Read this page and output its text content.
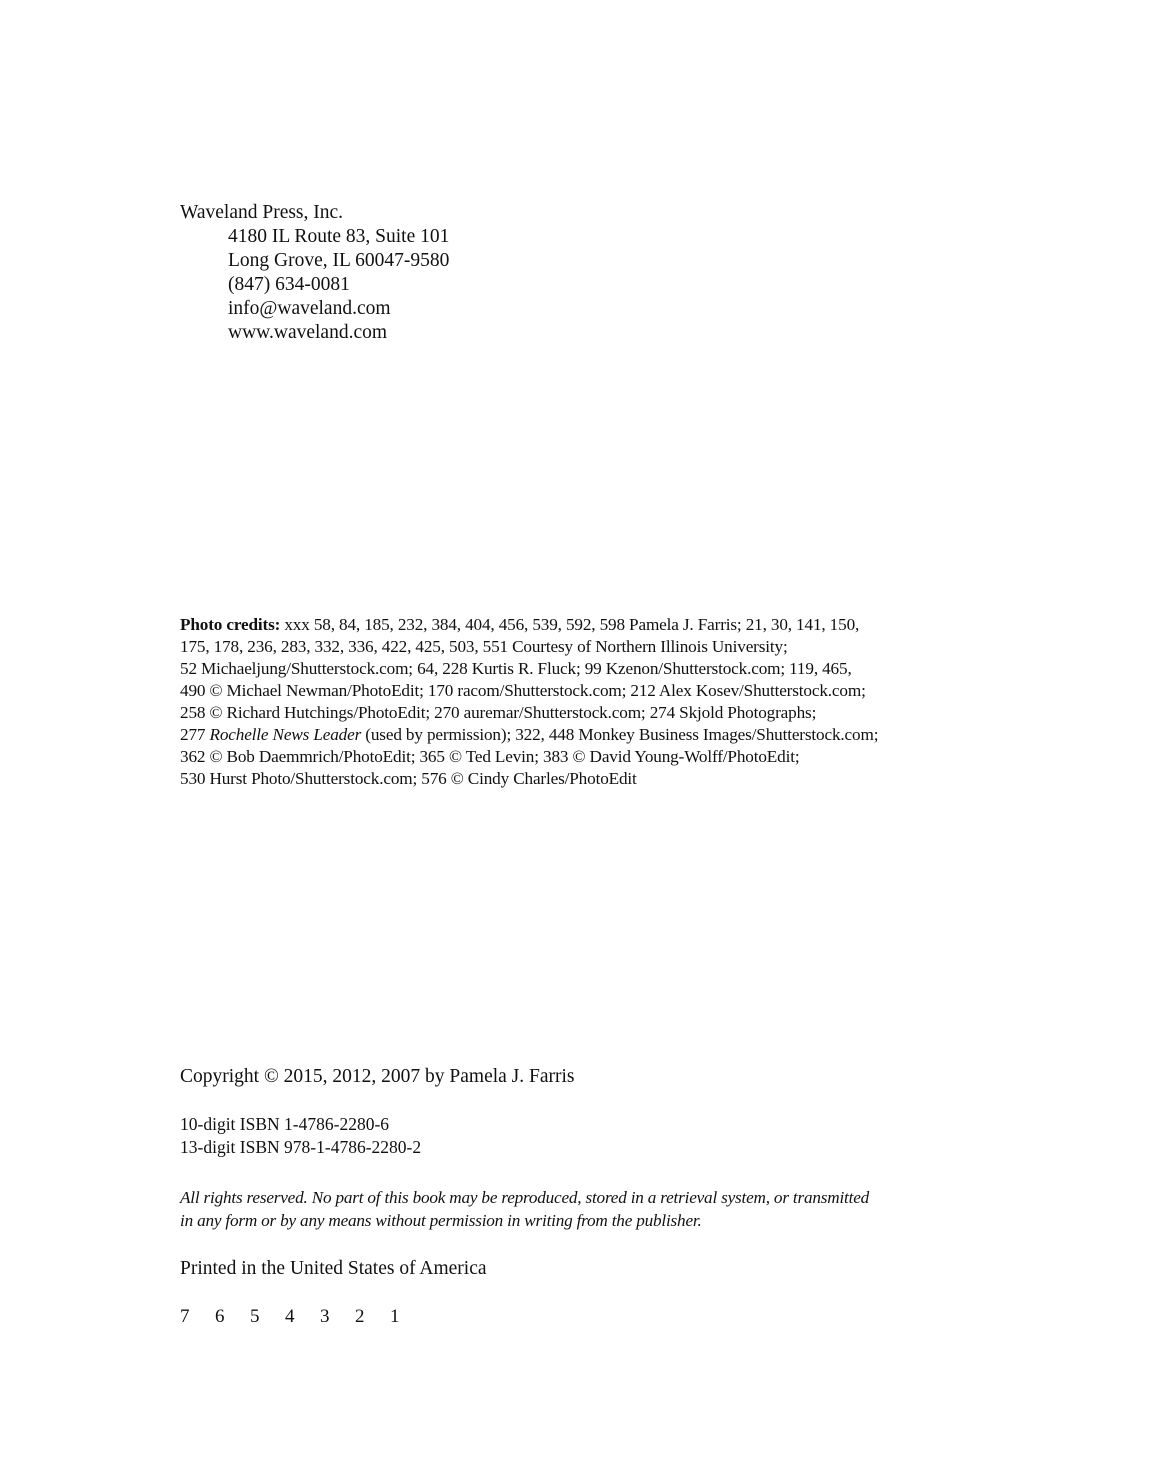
Waveland Press, Inc.
4180 IL Route 83, Suite 101
Long Grove, IL 60047-9580
(847) 634-0081
info@waveland.com
www.waveland.com
Photo credits: xxx 58, 84, 185, 232, 384, 404, 456, 539, 592, 598 Pamela J. Farris; 21, 30, 141, 150,
175, 178, 236, 283, 332, 336, 422, 425, 503, 551 Courtesy of Northern Illinois University;
52 Michaeljung/Shutterstock.com; 64, 228 Kurtis R. Fluck; 99 Kzenon/Shutterstock.com; 119, 465,
490 © Michael Newman/PhotoEdit; 170 racom/Shutterstock.com; 212 Alex Kosev/Shutterstock.com;
258 © Richard Hutchings/PhotoEdit; 270 auremar/Shutterstock.com; 274 Skjold Photographs;
277 Rochelle News Leader (used by permission); 322, 448 Monkey Business Images/Shutterstock.com;
362 © Bob Daemmrich/PhotoEdit; 365 © Ted Levin; 383 © David Young-Wolff/PhotoEdit;
530 Hurst Photo/Shutterstock.com; 576 © Cindy Charles/PhotoEdit
Copyright © 2015, 2012, 2007 by Pamela J. Farris
10-digit ISBN 1-4786-2280-6
13-digit ISBN 978-1-4786-2280-2
All rights reserved. No part of this book may be reproduced, stored in a retrieval system, or transmitted
in any form or by any means without permission in writing from the publisher.
Printed in the United States of America
7 6 5 4 3 2 1
